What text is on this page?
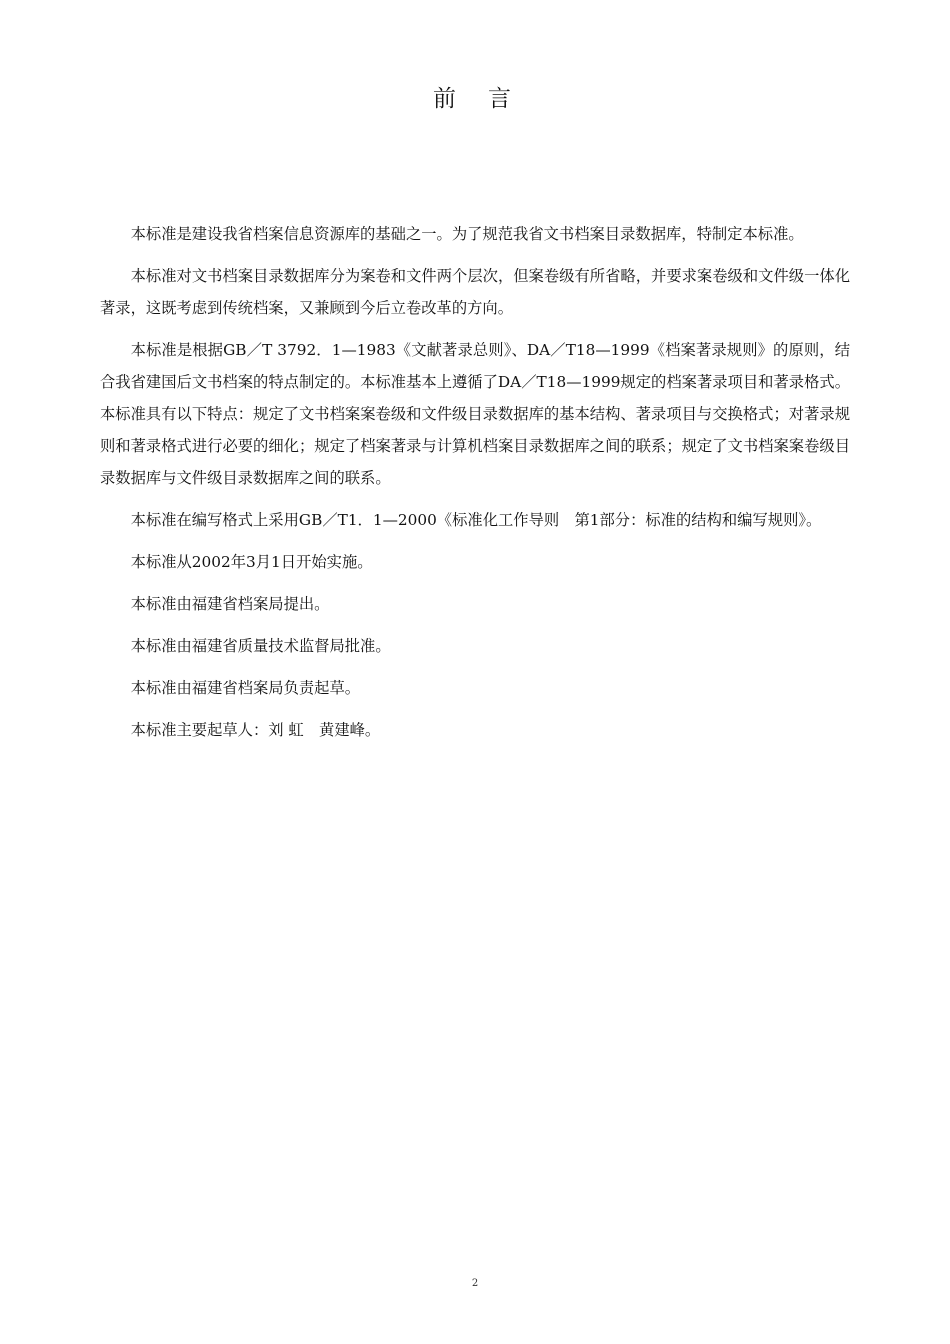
前 言

本标准是建设我省档案信息资源库的基础之一。为了规范我省文书档案目录数据库，特制定本标准。

本标准对文书档案目录数据库分为案卷和文件两个层次，但案卷级有所省略，并要求案卷级和文件级一体化著录，这既考虑到传统档案，又兼顾到今后立卷改革的方向。

本标准是根据GB／T 3792．1—1983《文献著录总则》、DA／T18—1999《档案著录规则》的原则，结合我省建国后文书档案的特点制定的。本标准基本上遵循了DA／T18—1999规定的档案著录项目和著录格式。本标准具有以下特点：规定了文书档案案卷级和文件级目录数据库的基本结构、著录项目与交换格式；对著录规则和著录格式进行必要的细化；规定了档案著录与计算机档案目录数据库之间的联系；规定了文书档案案卷级目录数据库与文件级目录数据库之间的联系。

本标准在编写格式上采用GB／T1．1—2000《标准化工作导则　第1部分：标准的结构和编写规则》。

本标准从2002年3月1日开始实施。

本标准由福建省档案局提出。

本标准由福建省质量技术监督局批准。

本标准由福建省档案局负责起草。

本标准主要起草人：刘 虹　黄建峰。

2
